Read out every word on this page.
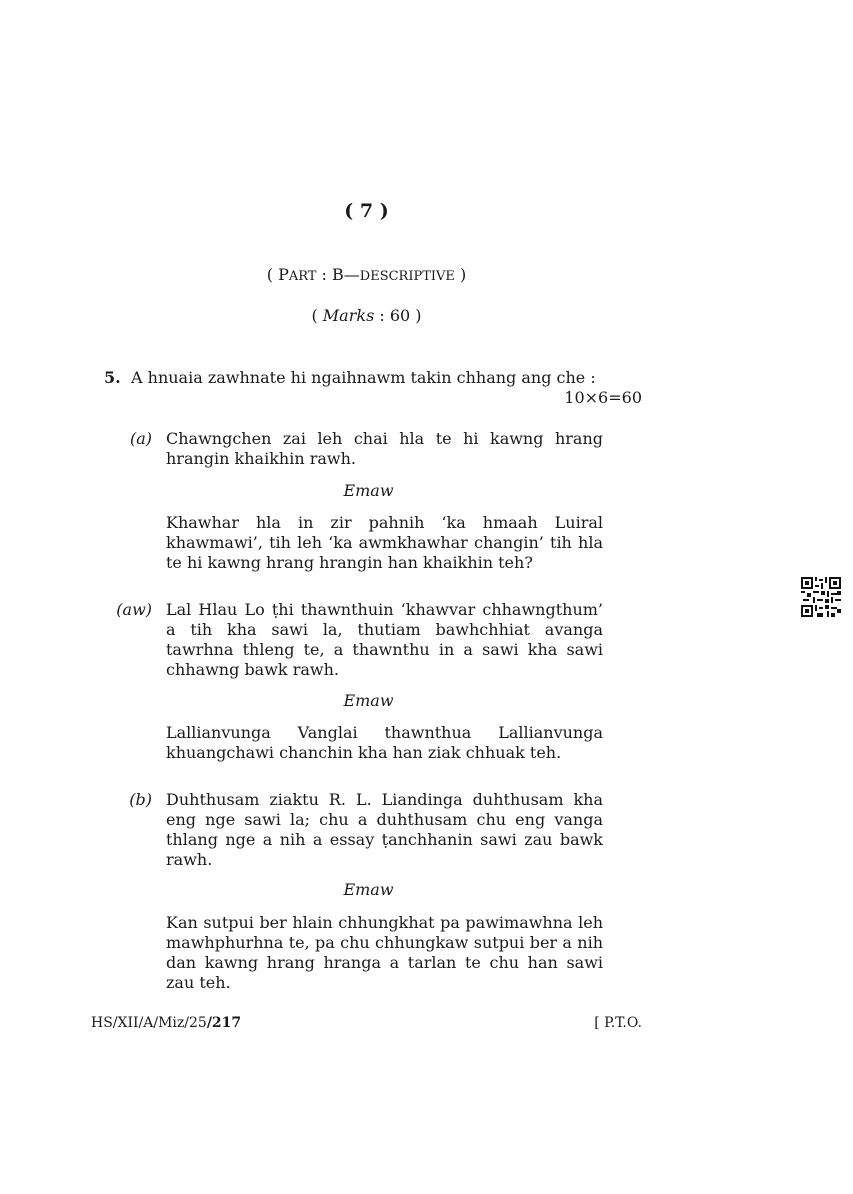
( 7 )
( PART : B—DESCRIPTIVE )
( Marks : 60 )
5. A hnuaia zawhnate hi ngaihnawm takin chhang ang che :
10×6=60
(a) Chawngchen zai leh chai hla te hi kawng hrang hrangin khaikhin rawh.
Emaw
Khawhar hla in zir pahnih ‘ka hmaah Luiral khawmawi’, tih leh ‘ka awmkhawhar changin’ tih hla te hi kawng hrang hrangin han khaikhin teh?
(aw) Lal Hlau Lo ṭhi thawnthuin ‘khawvar chhawngthum’ a tih kha sawi la, thutiam bawhchhiat avanga tawrhna thleng te, a thawnthu in a sawi kha sawi chhawng bawk rawh.
Emaw
Lallianvunga Vanglai thawnthua Lallianvunga khuangchawi chanchin kha han ziak chhuak teh.
(b) Duhthusam ziaktu R. L. Liandinga duhthusam kha eng nge sawi la; chu a duhthusam chu eng vanga thlang nge a nih a essay ṭanchhanin sawi zau bawk rawh.
Emaw
Kan sutpui ber hlain chhungkhat pa pawimawhna leh mawhphurhna te, pa chu chhungkaw sutpui ber a nih dan kawng hrang hranga a tarlan te chu han sawi zau teh.
HS/XII/A/Miz/25/217	[ P.T.O.
